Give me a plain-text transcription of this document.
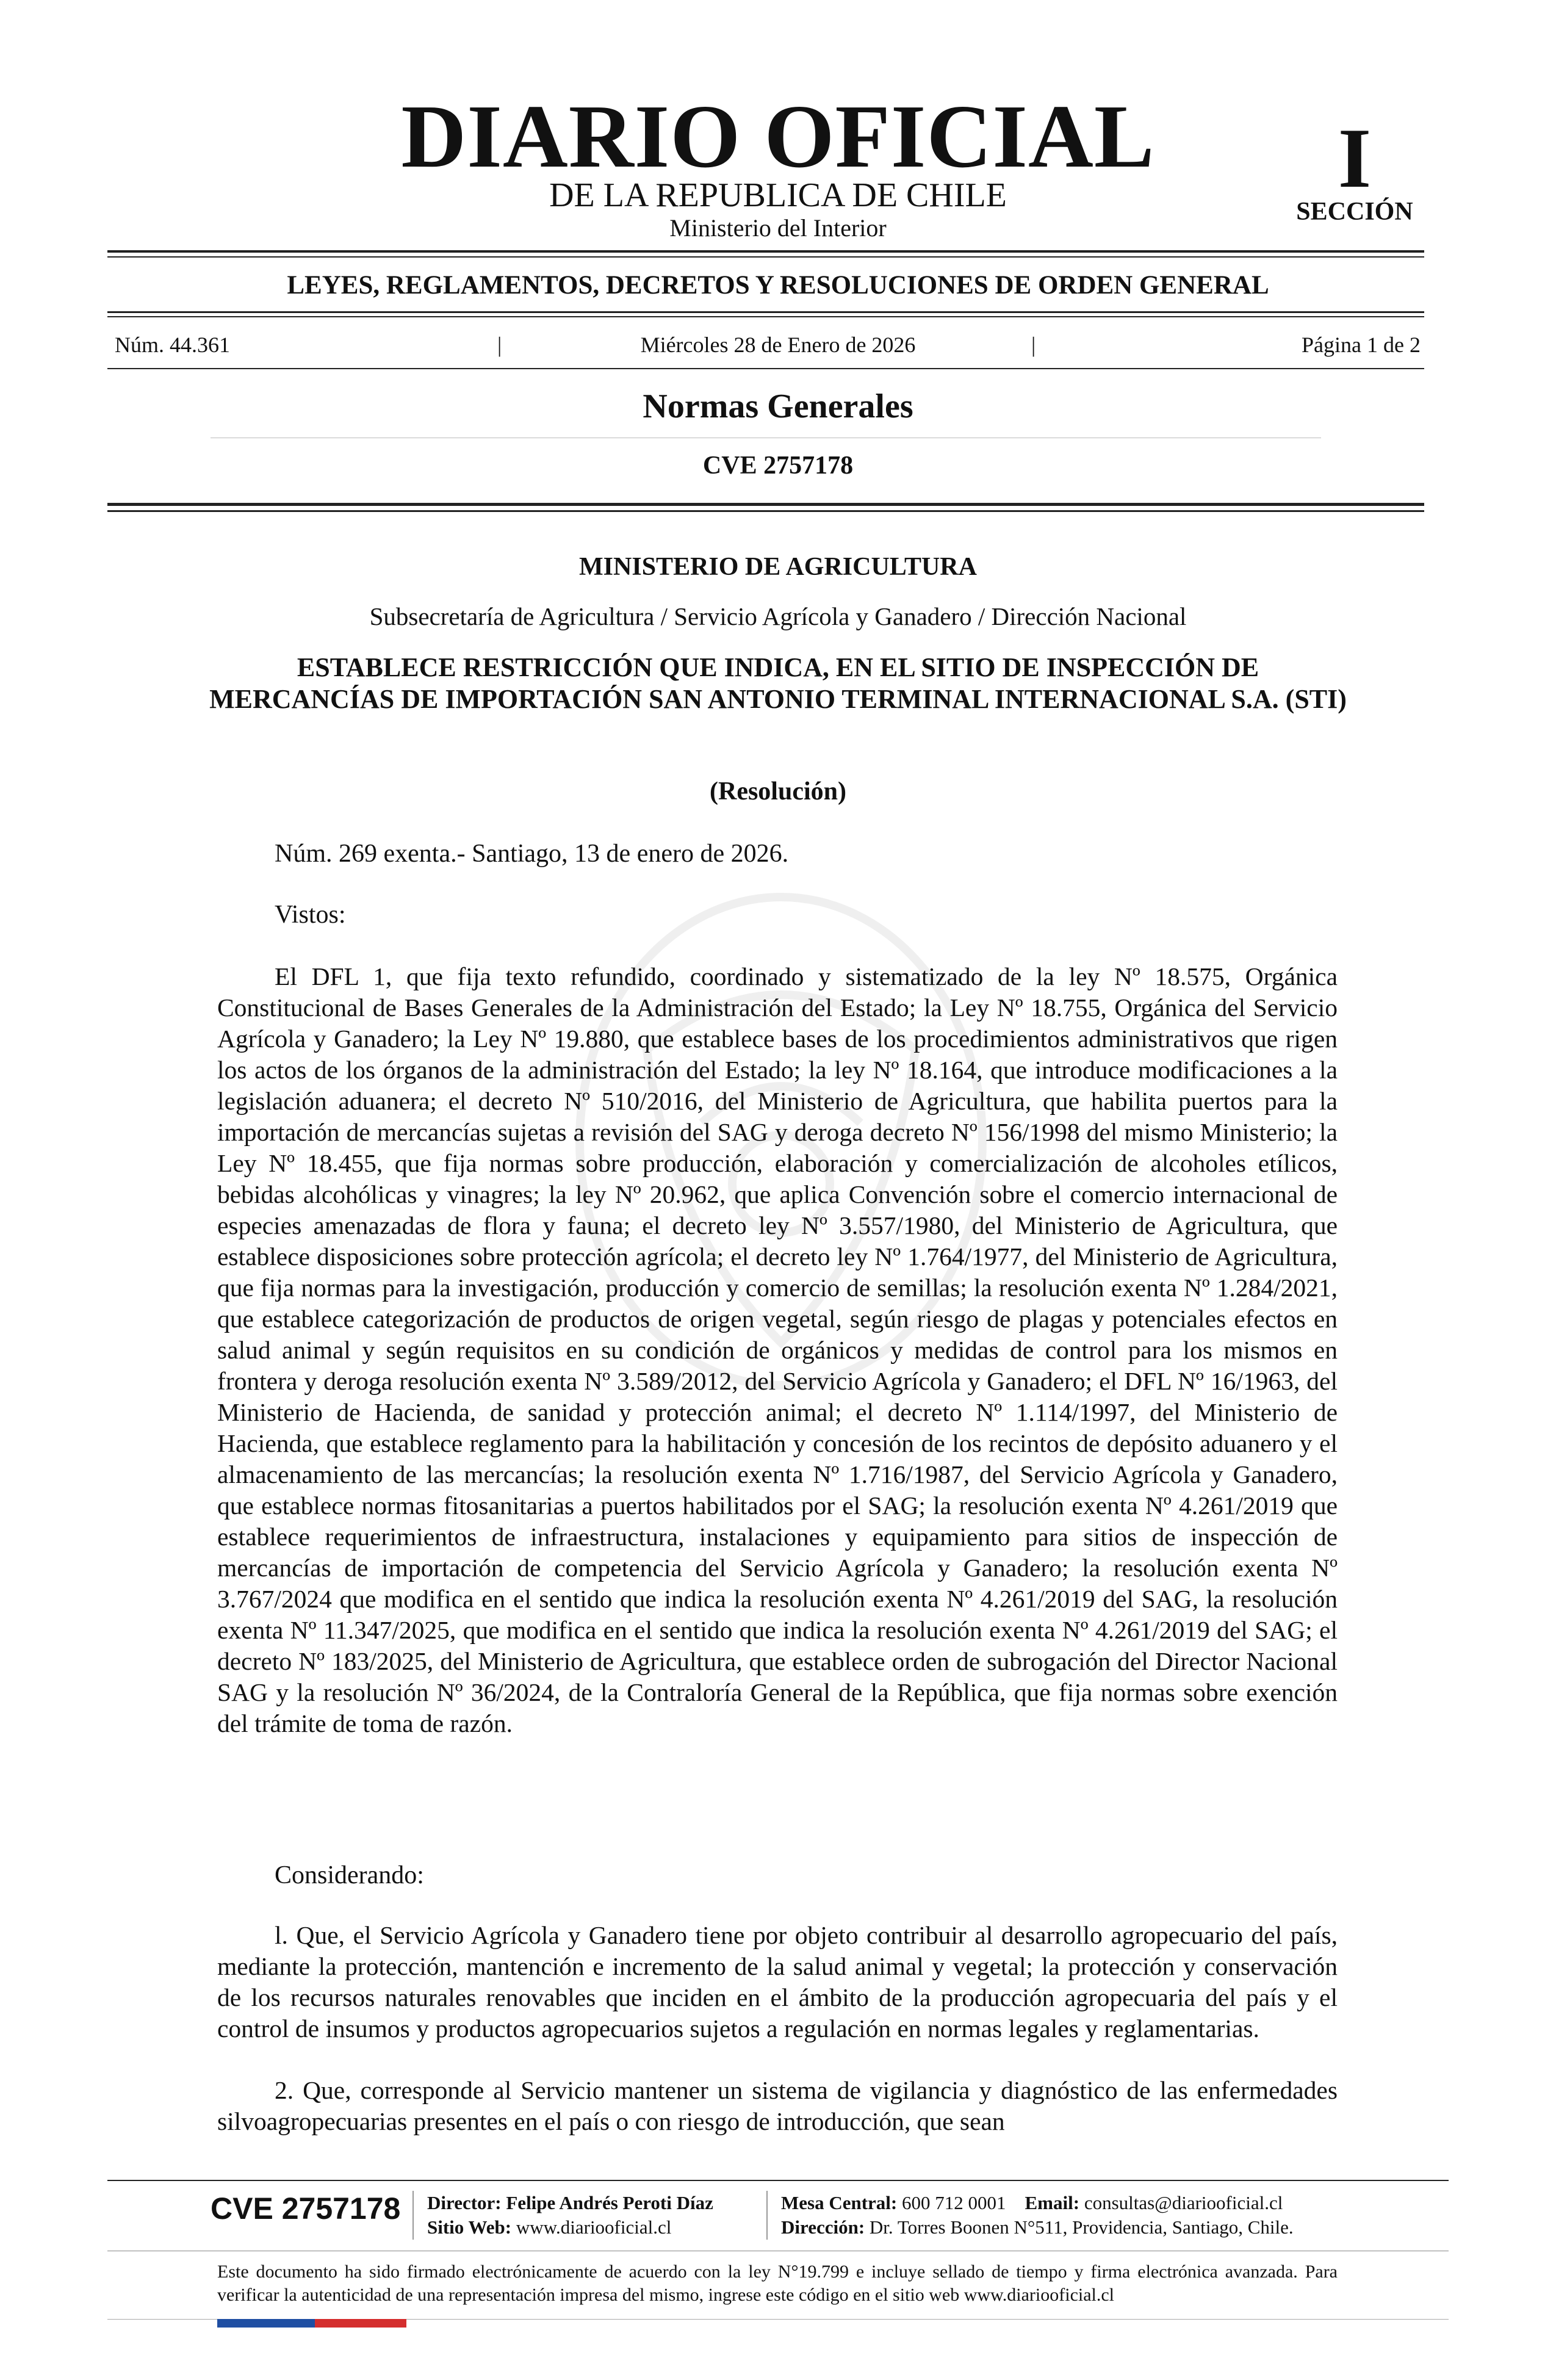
DIARIO OFICIAL
DE LA REPUBLICA DE CHILE
Ministerio del Interior
I
SECCIÓN
LEYES, REGLAMENTOS, DECRETOS Y RESOLUCIONES DE ORDEN GENERAL
Núm. 44.361	|	Miércoles 28 de Enero de 2026	|	Página 1 de 2
Normas Generales
CVE 2757178
MINISTERIO DE AGRICULTURA
Subsecretaría de Agricultura / Servicio Agrícola y Ganadero / Dirección Nacional
ESTABLECE RESTRICCIÓN QUE INDICA, EN EL SITIO DE INSPECCIÓN DE MERCANCÍAS DE IMPORTACIÓN SAN ANTONIO TERMINAL INTERNACIONAL S.A. (STI)
(Resolución)
Núm. 269 exenta.- Santiago, 13 de enero de 2026.
Vistos:

El DFL 1, que fija texto refundido, coordinado y sistematizado de la ley Nº 18.575, Orgánica Constitucional de Bases Generales de la Administración del Estado; la Ley Nº 18.755, Orgánica del Servicio Agrícola y Ganadero; la Ley Nº 19.880, que establece bases de los procedimientos administrativos que rigen los actos de los órganos de la administración del Estado; la ley Nº 18.164, que introduce modificaciones a la legislación aduanera; el decreto Nº 510/2016, del Ministerio de Agricultura, que habilita puertos para la importación de mercancías sujetas a revisión del SAG y deroga decreto Nº 156/1998 del mismo Ministerio; la Ley Nº 18.455, que fija normas sobre producción, elaboración y comercialización de alcoholes etílicos, bebidas alcohólicas y vinagres; la ley Nº 20.962, que aplica Convención sobre el comercio internacional de especies amenazadas de flora y fauna; el decreto ley Nº 3.557/1980, del Ministerio de Agricultura, que establece disposiciones sobre protección agrícola; el decreto ley Nº 1.764/1977, del Ministerio de Agricultura, que fija normas para la investigación, producción y comercio de semillas; la resolución exenta Nº 1.284/2021, que establece categorización de productos de origen vegetal, según riesgo de plagas y potenciales efectos en salud animal y según requisitos en su condición de orgánicos y medidas de control para los mismos en frontera y deroga resolución exenta Nº 3.589/2012, del Servicio Agrícola y Ganadero; el DFL Nº 16/1963, del Ministerio de Hacienda, de sanidad y protección animal; el decreto Nº 1.114/1997, del Ministerio de Hacienda, que establece reglamento para la habilitación y concesión de los recintos de depósito aduanero y el almacenamiento de las mercancías; la resolución exenta Nº 1.716/1987, del Servicio Agrícola y Ganadero, que establece normas fitosanitarias a puertos habilitados por el SAG; la resolución exenta Nº 4.261/2019 que establece requerimientos de infraestructura, instalaciones y equipamiento para sitios de inspección de mercancías de importación de competencia del Servicio Agrícola y Ganadero; la resolución exenta Nº 3.767/2024 que modifica en el sentido que indica la resolución exenta Nº 4.261/2019 del SAG, la resolución exenta Nº 11.347/2025, que modifica en el sentido que indica la resolución exenta Nº 4.261/2019 del SAG; el decreto Nº 183/2025, del Ministerio de Agricultura, que establece orden de subrogación del Director Nacional SAG y la resolución Nº 36/2024, de la Contraloría General de la República, que fija normas sobre exención del trámite de toma de razón.

Considerando:

l. Que, el Servicio Agrícola y Ganadero tiene por objeto contribuir al desarrollo agropecuario del país, mediante la protección, mantención e incremento de la salud animal y vegetal; la protección y conservación de los recursos naturales renovables que inciden en el ámbito de la producción agropecuaria del país y el control de insumos y productos agropecuarios sujetos a regulación en normas legales y reglamentarias.

2. Que, corresponde al Servicio mantener un sistema de vigilancia y diagnóstico de las enfermedades silvoagropecuarias presentes en el país o con riesgo de introducción, que sean

CVE 2757178 Director: Felipe Andrés Peroti Díaz
Sitio Web: www.diariooficial.cl
Mesa Central: 600 712 0001 Email: consultas@diariooficial.cl
Dirección: Dr. Torres Boonen N°511, Providencia, Santiago, Chile.
Este documento ha sido firmado electrónicamente de acuerdo con la ley N°19.799 e incluye sellado de tiempo y firma electrónica avanzada. Para verificar la autenticidad de una representación impresa del mismo, ingrese este código en el sitio web www.diariooficial.cl
